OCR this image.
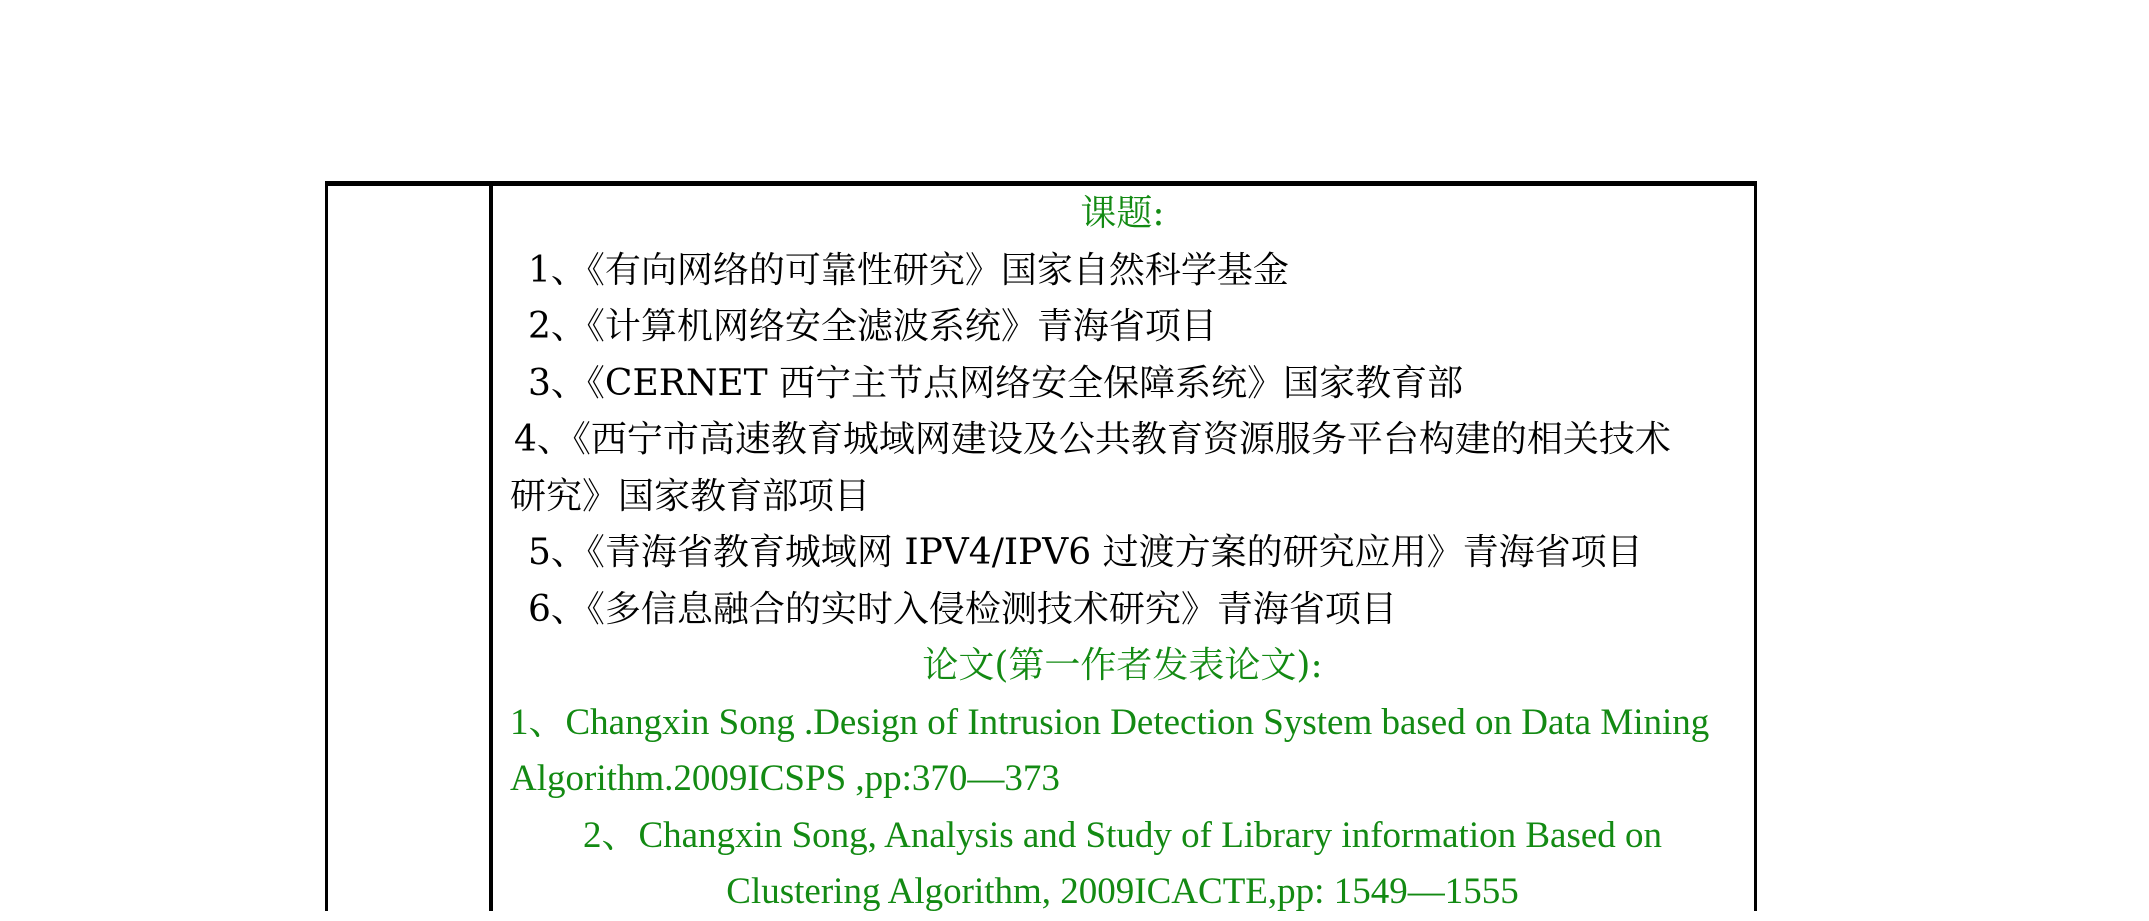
课题:
1、《有向网络的可靠性研究》国家自然科学基金
2、《计算机网络安全滤波系统》青海省项目
3、《CERNET 西宁主节点网络安全保障系统》国家教育部
4、《西宁市高速教育城域网建设及公共教育资源服务平台构建的相关技术
研究》国家教育部项目
5、《青海省教育城域网 IPV4/IPV6 过渡方案的研究应用》青海省项目
6、《多信息融合的实时入侵检测技术研究》青海省项目
论文(第一作者发表论文):
1、Changxin Song .Design of Intrusion Detection System based on Data Mining
Algorithm.2009ICSPS ,pp:370—373
2、Changxin Song, Analysis and Study of Library information Based on
Clustering Algorithm, 2009ICACTE,pp: 1549—1555
